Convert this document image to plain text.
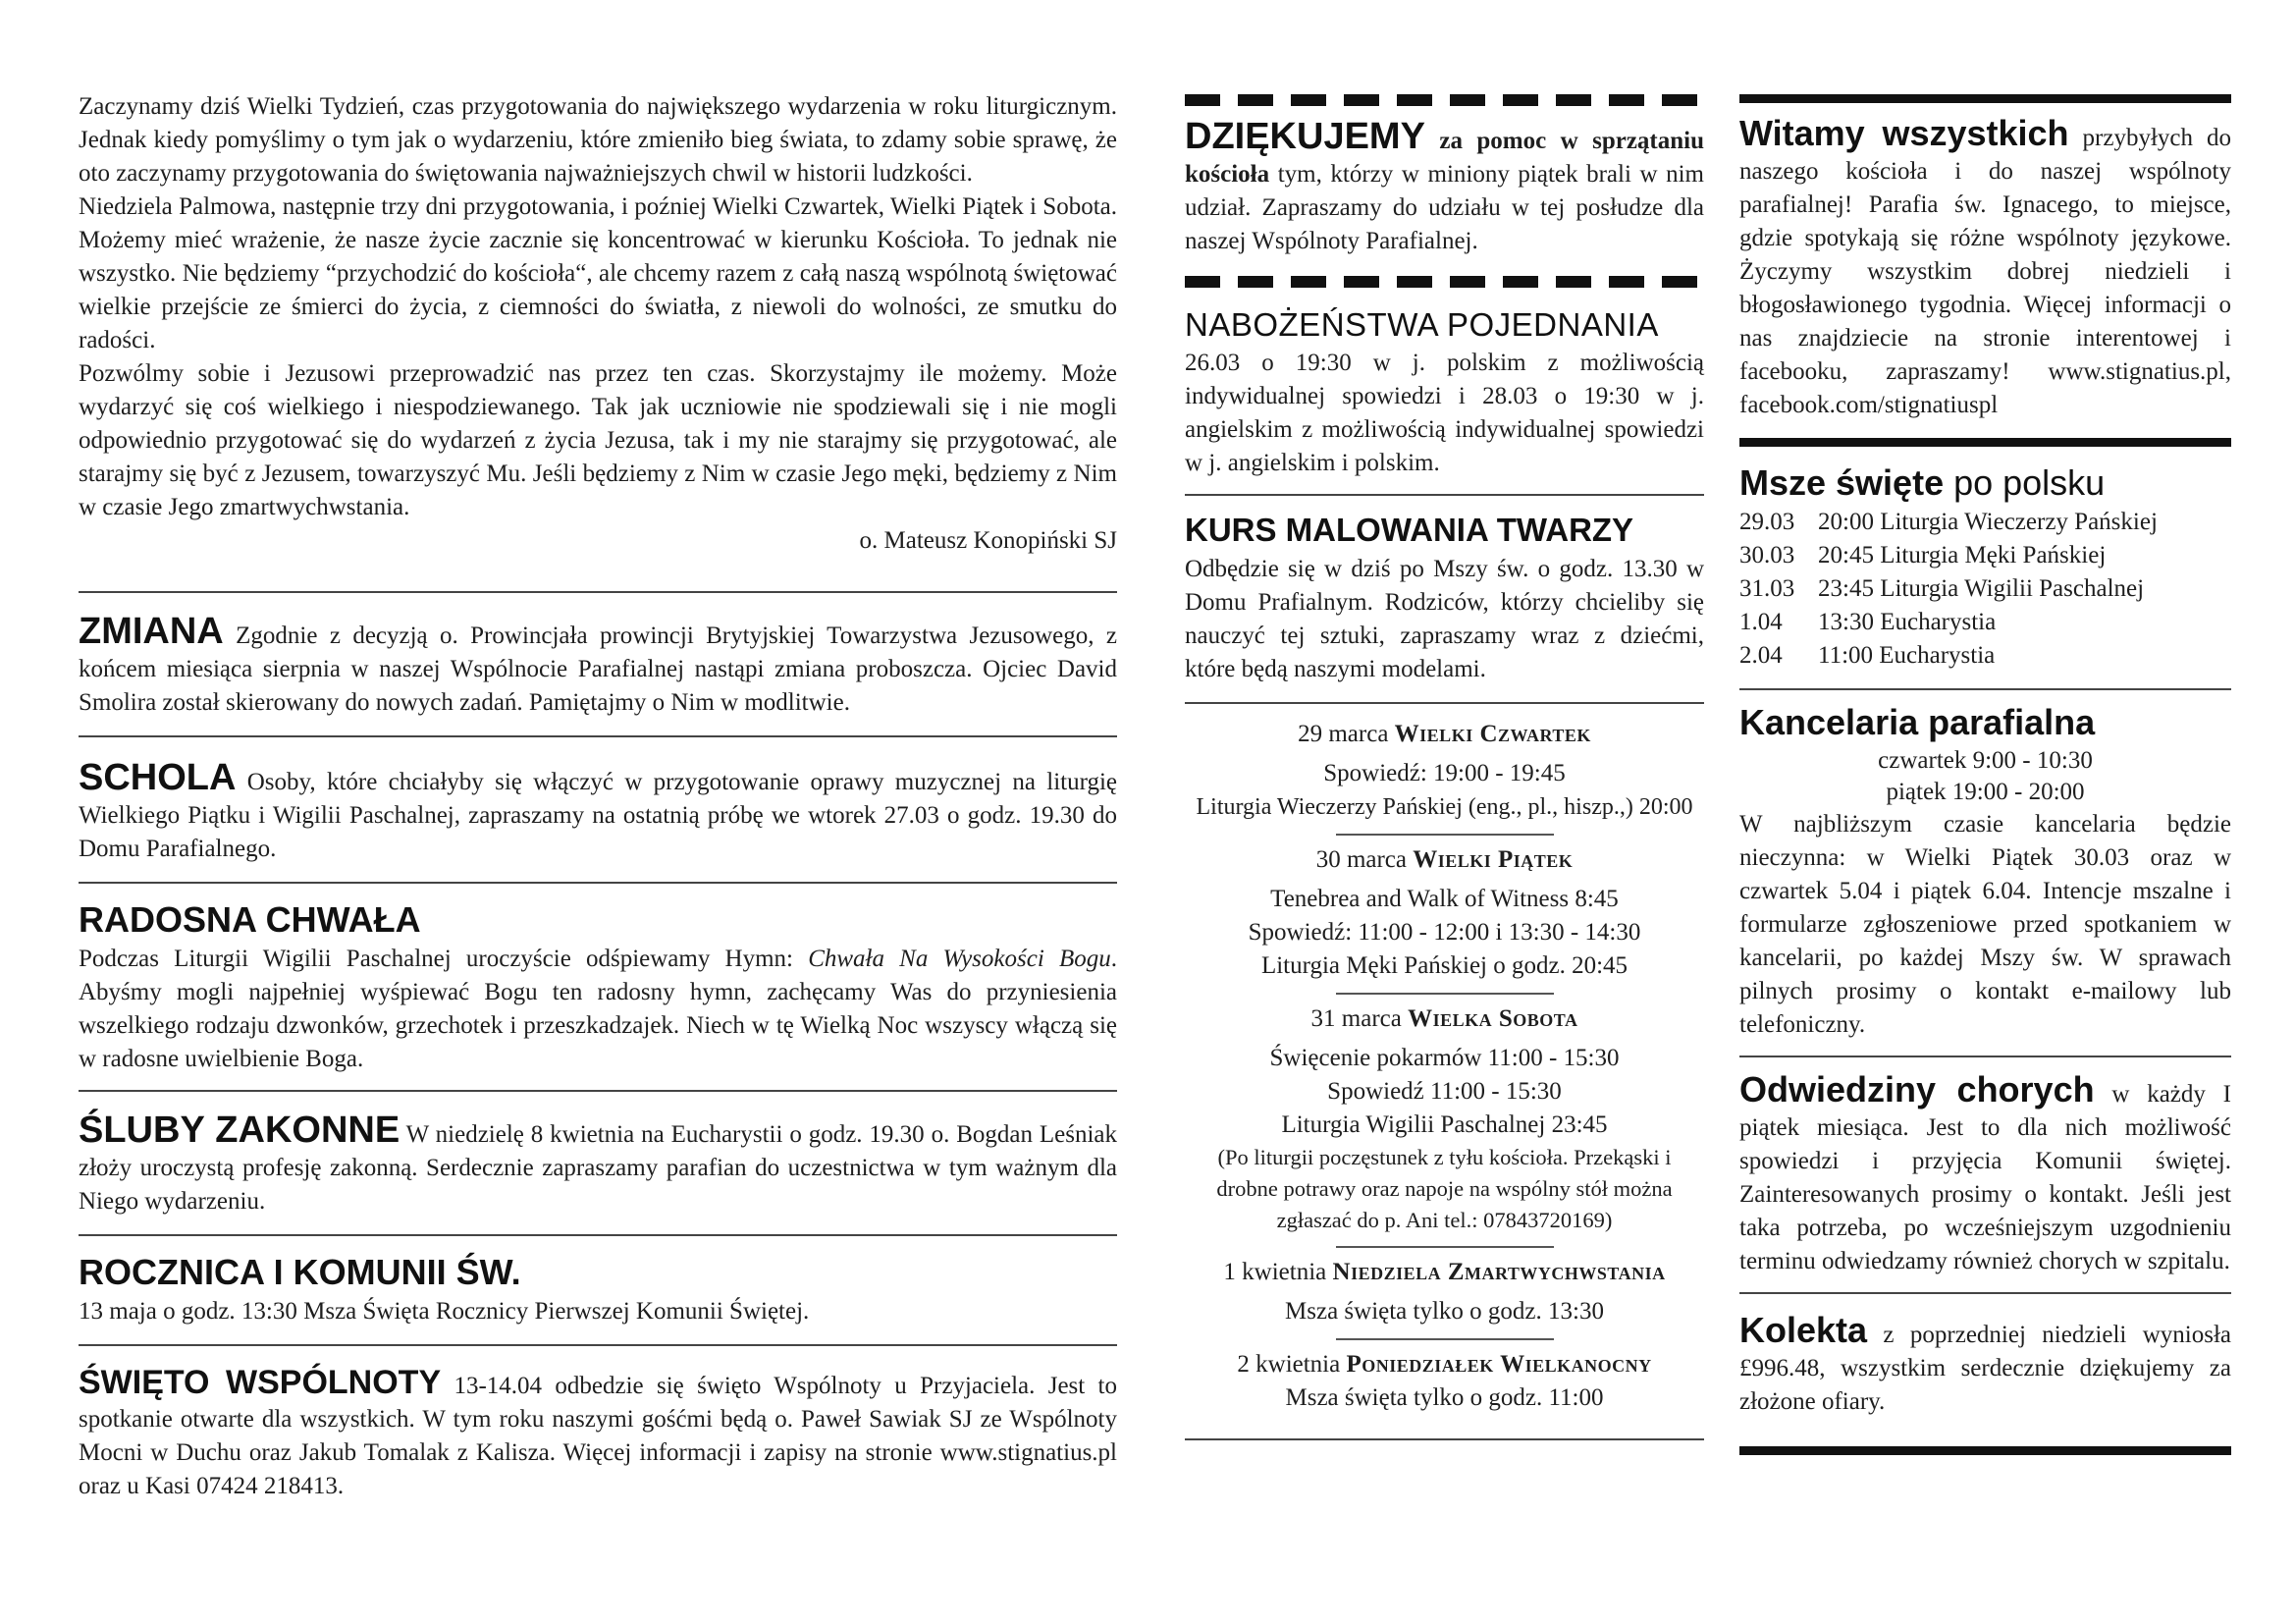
Zaczynamy dziś Wielki Tydzień, czas przygotowania do największego wydarzenia w roku liturgicznym. Jednak kiedy pomyślimy o tym jak o wydarzeniu, które zmieniło bieg świata, to zdamy sobie sprawę, że oto zaczynamy przygotowania do świętowania najważniejszych chwil w historii ludzkości.

Niedziela Palmowa, następnie trzy dni przygotowania, i poźniej Wielki Czwartek, Wielki Piątek i Sobota. Możemy mieć wrażenie, że nasze życie zacznie się koncentrować w kierunku Kościoła. To jednak nie wszystko. Nie będziemy “przychodzić do kościoła“, ale chcemy razem z całą naszą wspólnotą świętować wielkie przejście ze śmierci do życia, z ciemności do światła, z niewoli do wolności, ze smutku do radości.

Pozwólmy sobie i Jezusowi przeprowadzić nas przez ten czas. Skorzystajmy ile możemy. Może wydarzyć się coś wielkiego i niespodziewanego. Tak jak uczniowie nie spodziewali się i nie mogli odpowiednio przygotować się do wydarzeń z życia Jezusa, tak i my nie starajmy się przygotować, ale starajmy się być z Jezusem, towarzyszyć Mu. Jeśli będziemy z Nim w czasie Jego męki, będziemy z Nim w czasie Jego zmartwychwstania.

o. Mateusz Konopiński SJ

ZMIANA Zgodnie z decyzją o. Prowincjała prowincji Brytyjskiej Towarzystwa Jezusowego, z końcem miesiąca sierpnia w naszej Wspólnocie Parafialnej nastąpi zmiana proboszcza. Ojciec David Smolira został skierowany do nowych zadań. Pamiętajmy o Nim w modlitwie.

SCHOLA Osoby, które chciałyby się włączyć w przygotowanie oprawy muzycznej na liturgię Wielkiego Piątku i Wigilii Paschalnej, zapraszamy na ostatnią próbę we wtorek 27.03 o godz. 19.30 do Domu Parafialnego.

RADOSNA CHWAŁA

Podczas Liturgii Wigilii Paschalnej uroczyście odśpiewamy Hymn: Chwała Na Wysokości Bogu. Abyśmy mogli najpełniej wyśpiewać Bogu ten radosny hymn, zachęcamy Was do przyniesienia wszelkiego rodzaju dzwonków, grzechotek i przeszkadzajek. Niech w tę Wielką Noc wszyscy włączą się w radosne uwielbienie Boga.

ŚLUBY ZAKONNE W niedzielę 8 kwietnia na Eucharystii o godz. 19.30 o. Bogdan Leśniak złoży uroczystą profesję zakonną. Serdecznie zapraszamy parafian do uczestnictwa w tym ważnym dla Niego wydarzeniu.

ROCZNICA I KOMUNII ŚW.

13 maja o godz. 13:30 Msza Święta Rocznicy Pierwszej Komunii Świętej.

ŚWIĘTO WSPÓLNOTY 13-14.04 odbedzie się święto Wspólnoty u Przyjaciela. Jest to spotkanie otwarte dla wszystkich. W tym roku naszymi gośćmi będą o. Paweł Sawiak SJ ze Wspólnoty Mocni w Duchu oraz Jakub Tomalak z Kalisza. Więcej informacji i zapisy na stronie www.stignatius.pl oraz u Kasi 07424 218413.

DZIĘKUJEMY za pomoc w sprzątaniu kościoła tym, którzy w miniony piątek brali w nim udział. Zapraszamy do udziału w tej posłudze dla naszej Wspólnoty Parafialnej.

NABOŻEŃSTWA POJEDNANIA

26.03 o 19:30 w j. polskim z możliwością indywidualnej spowiedzi i 28.03 o 19:30 w j. angielskim z możliwością indywidualnej spowiedzi w j. angielskim i polskim.

KURS MALOWANIA TWARZY

Odbędzie się w dziś po Mszy św. o godz. 13.30 w Domu Prafialnym. Rodziców, którzy chcieliby się nauczyć tej sztuki, zapraszamy wraz z dziećmi, które będą naszymi modelami.

29 marca Wielki Czwartek

Spowiedź: 19:00 - 19:45

Liturgia Wieczerzy Pańskiej (eng., pl., hiszp.,) 20:00

30 marca Wielki Piątek

Tenebrea and Walk of Witness 8:45

Spowiedź: 11:00 - 12:00 i 13:30 - 14:30

Liturgia Męki Pańskiej o godz. 20:45

31 marca Wielka Sobota

Święcenie pokarmów 11:00 - 15:30

Spowiedź 11:00 - 15:30

Liturgia Wigilii Paschalnej 23:45

(Po liturgii poczęstunek z tyłu kościoła. Przekąski i drobne potrawy oraz napoje na wspólny stół można zgłaszać do p. Ani tel.: 07843720169)

1 kwietnia Niedziela Zmartwychwstania

Msza święta tylko o godz. 13:30

2 kwietnia Poniedziałek Wielkanocny

Msza święta tylko o godz. 11:00

Witamy wszystkich przybyłych do naszego kościoła i do naszej wspólnoty parafialnej! Parafia św. Ignacego, to miejsce, gdzie spotykają się różne wspólnoty językowe. Życzymy wszystkim dobrej niedzieli i błogosławionego tygodnia. Więcej informacji o nas znajdziecie na stronie interentowej i facebooku, zapraszamy! www.stignatius.pl, facebook.com/stignatiuspl

Msze święte po polsku
29.03 20:00 Liturgia Wieczerzy Pańskiej
30.03 20:45 Liturgia Męki Pańskiej
31.03 23:45 Liturgia Wigilii Paschalnej
1.04	13:30 Eucharystia
2.04	11:00 Eucharystia
Kancelaria parafialna

czwartek 9:00 - 10:30

piątek 19:00 - 20:00

W najbliższym czasie kancelaria będzie nieczynna: w Wielki Piątek 30.03 oraz w czwartek 5.04 i piątek 6.04. Intencje mszalne i formularze zgłoszeniowe przed spotkaniem w kancelarii, po każdej Mszy św. W sprawach pilnych prosimy o kontakt e-mailowy lub telefoniczny.

Odwiedziny chorych w każdy I piątek miesiąca. Jest to dla nich możliwość spowiedzi i przyjęcia Komunii świętej. Zainteresowanych prosimy o kontakt. Jeśli jest taka potrzeba, po wcześniejszym uzgodnieniu terminu odwiedzamy również chorych w szpitalu.

Kolekta z poprzedniej niedzieli wyniosła £996.48, wszystkim serdecznie dziękujemy za złożone ofiary.
